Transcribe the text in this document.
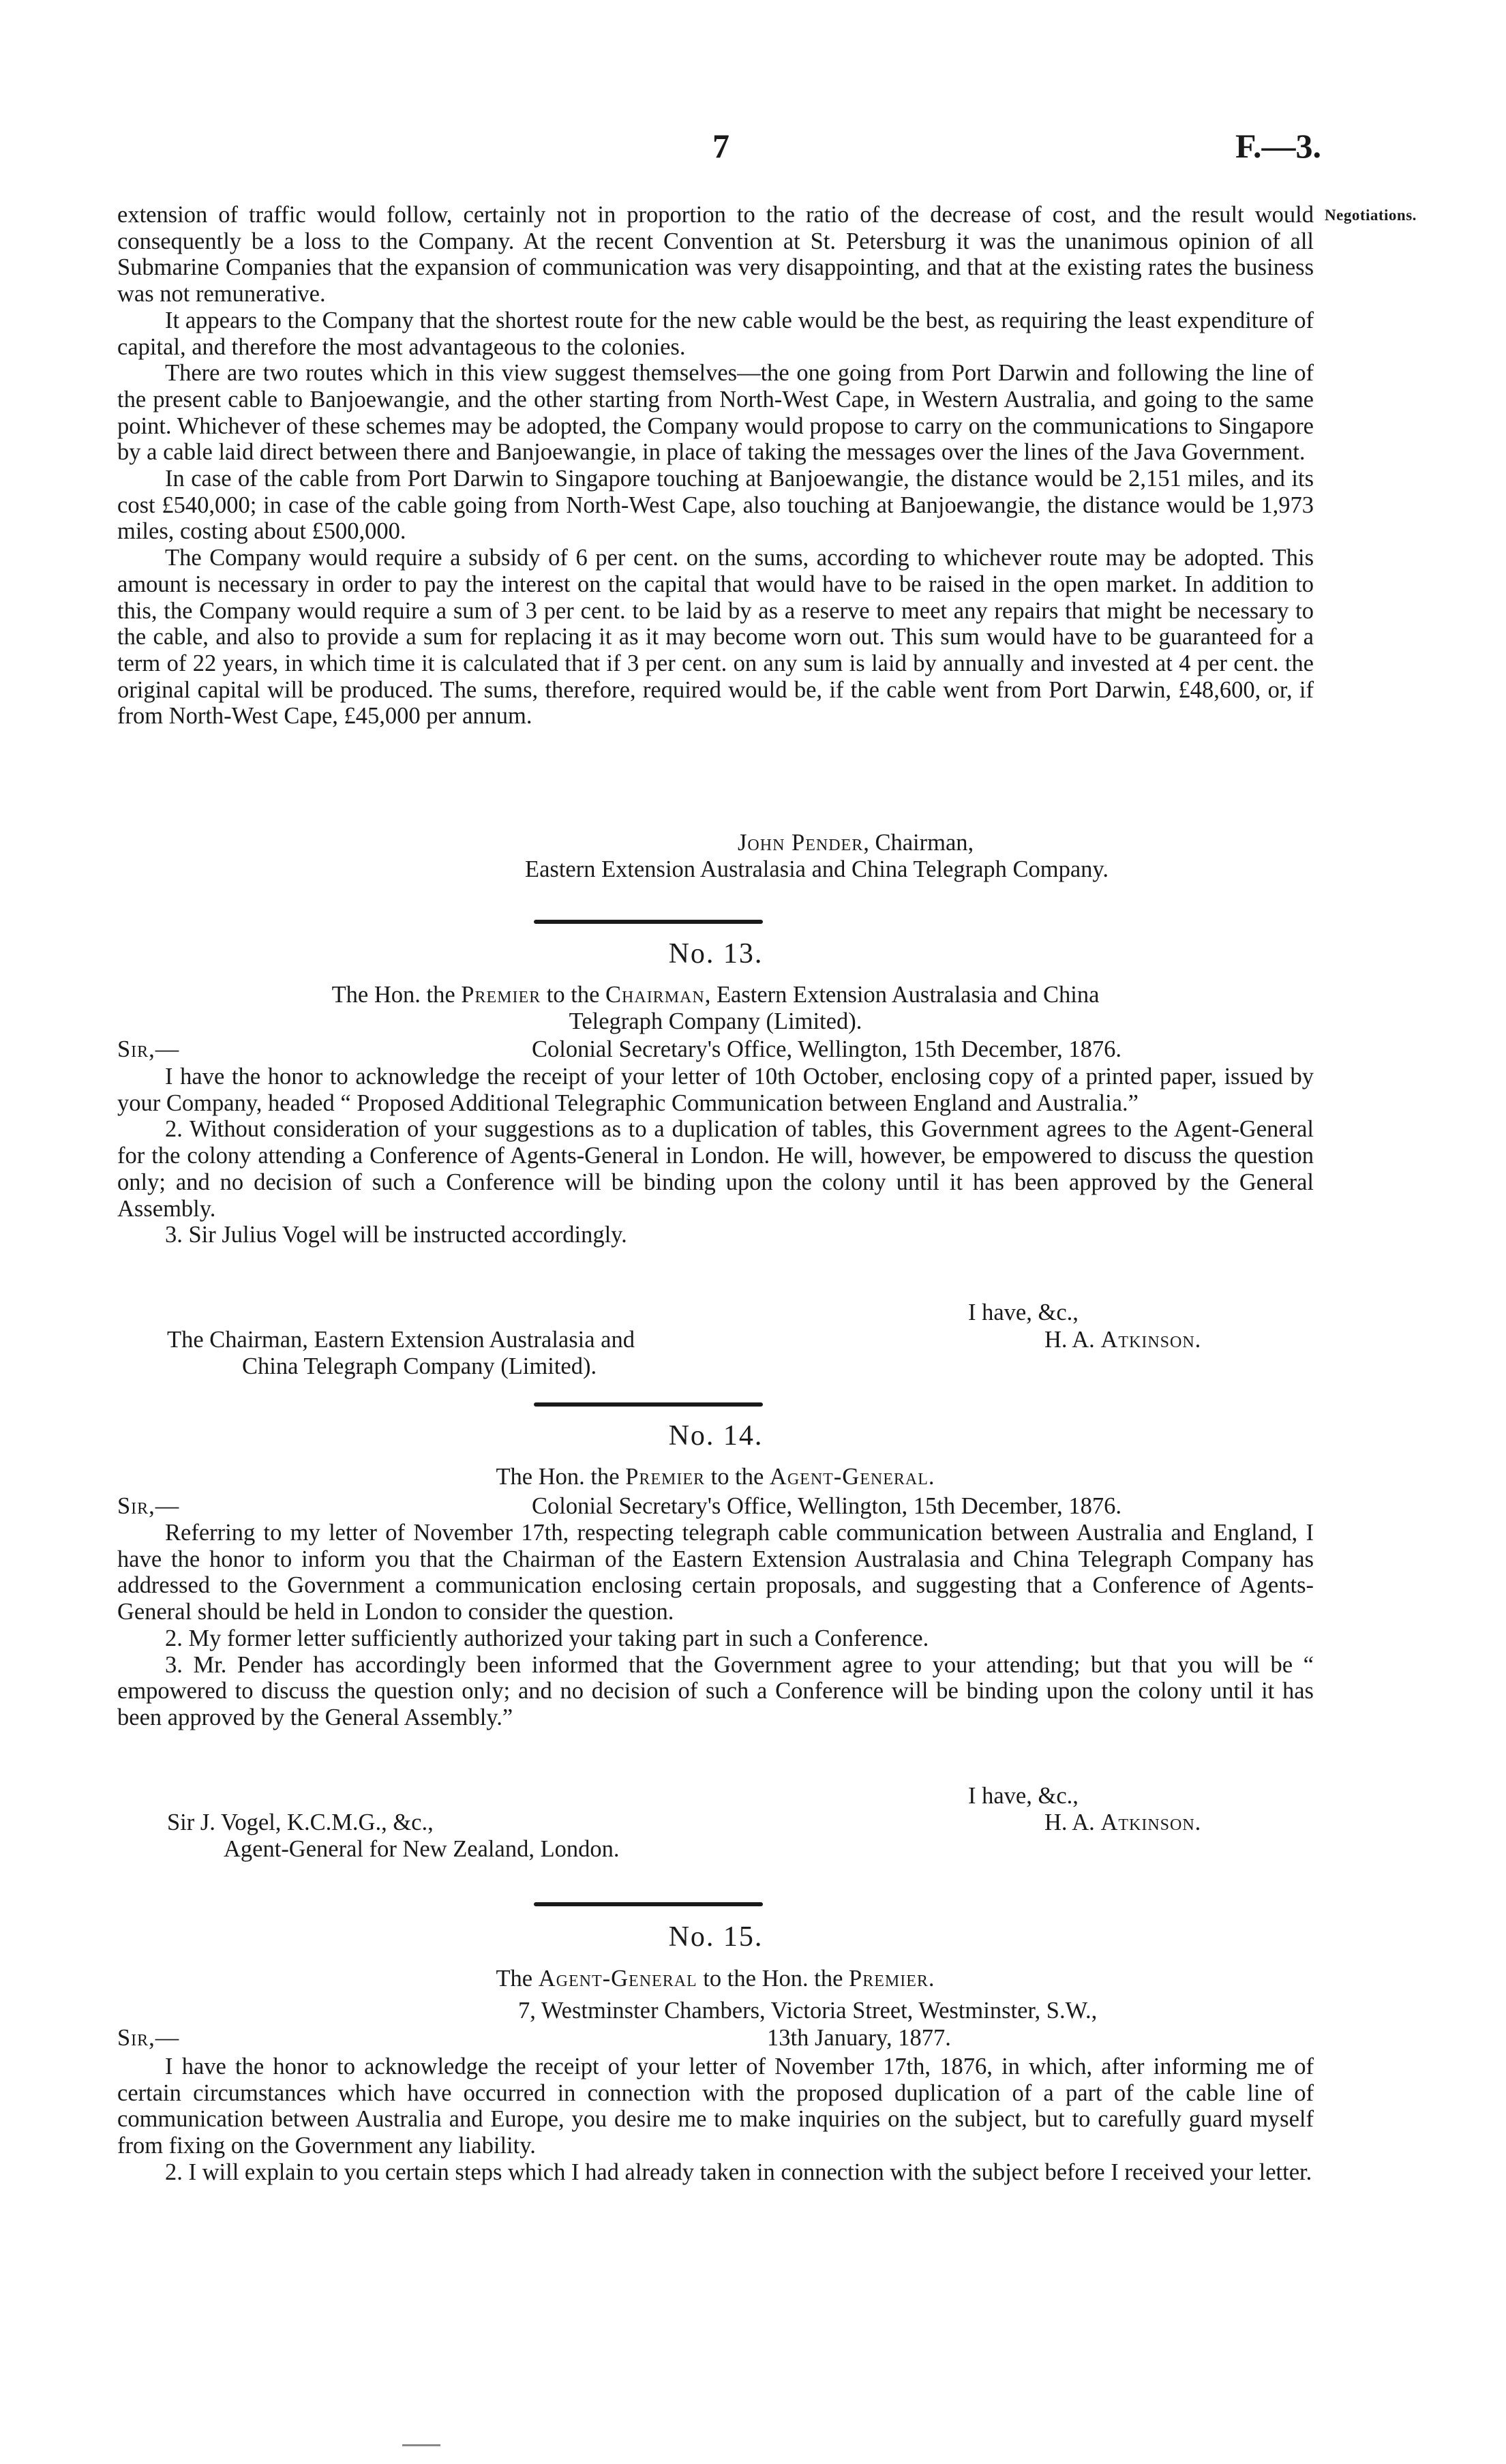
7	F.—3.
Negotiations.

extension of traffic would follow, certainly not in proportion to the ratio of the decrease of cost, and the result would consequently be a loss to the Company. At the recent Convention at St. Petersburg it was the unanimous opinion of all Submarine Companies that the expansion of communication was very disappointing, and that at the existing rates the business was not remunerative.

It appears to the Company that the shortest route for the new cable would be the best, as requiring the least expenditure of capital, and therefore the most advantageous to the colonies.

There are two routes which in this view suggest themselves—the one going from Port Darwin and following the line of the present cable to Banjoewangie, and the other starting from North-West Cape, in Western Australia, and going to the same point. Whichever of these schemes may be adopted, the Company would propose to carry on the communications to Singapore by a cable laid direct between there and Banjoewangie, in place of taking the messages over the lines of the Java Government.

In case of the cable from Port Darwin to Singapore touching at Banjoewangie, the distance would be 2,151 miles, and its cost £540,000; in case of the cable going from North-West Cape, also touching at Banjoewangie, the distance would be 1,973 miles, costing about £500,000.

The Company would require a subsidy of 6 per cent. on the sums, according to whichever route may be adopted. This amount is necessary in order to pay the interest on the capital that would have to be raised in the open market. In addition to this, the Company would require a sum of 3 per cent. to be laid by as a reserve to meet any repairs that might be necessary to the cable, and also to provide a sum for replacing it as it may become worn out. This sum would have to be guaranteed for a term of 22 years, in which time it is calculated that if 3 per cent. on any sum is laid by annually and invested at 4 per cent. the original capital will be produced. The sums, therefore, required would be, if the cable went from Port Darwin, £48,600, or, if from North-West Cape, £45,000 per annum.

John Pender, Chairman,
Eastern Extension Australasia and China Telegraph Company.
No. 13.
The Hon. the Premier to the Chairman, Eastern Extension Australasia and China
Telegraph Company (Limited).
Sir,—	Colonial Secretary's Office, Wellington, 15th December, 1876.

I have the honor to acknowledge the receipt of your letter of 10th October, enclosing copy of a printed paper, issued by your Company, headed “ Proposed Additional Telegraphic Communication between England and Australia.”

2. Without consideration of your suggestions as to a duplication of tables, this Government agrees to the Agent-General for the colony attending a Conference of Agents-General in London. He will, however, be empowered to discuss the question only; and no decision of such a Conference will be binding upon the colony until it has been approved by the General Assembly.

3. Sir Julius Vogel will be instructed accordingly.

I have, &c.,
H. A. Atkinson.
The Chairman, Eastern Extension Australasia and
China Telegraph Company (Limited).
No. 14.
The Hon. the Premier to the Agent-General.
Sir,—	Colonial Secretary's Office, Wellington, 15th December, 1876.

Referring to my letter of November 17th, respecting telegraph cable communication between Australia and England, I have the honor to inform you that the Chairman of the Eastern Extension Australasia and China Telegraph Company has addressed to the Government a communication enclosing certain proposals, and suggesting that a Conference of Agents-General should be held in London to consider the question.

2. My former letter sufficiently authorized your taking part in such a Conference.

3. Mr. Pender has accordingly been informed that the Government agree to your attending; but that you will be “ empowered to discuss the question only; and no decision of such a Conference will be binding upon the colony until it has been approved by the General Assembly.”

I have, &c.,
H. A. Atkinson.
Sir J. Vogel, K.C.M.G., &c.,
Agent-General for New Zealand, London.
No. 15.
The Agent-General to the Hon. the Premier.
7, Westminster Chambers, Victoria Street, Westminster, S.W.,
Sir,—	13th January, 1877.

I have the honor to acknowledge the receipt of your letter of November 17th, 1876, in which, after informing me of certain circumstances which have occurred in connection with the proposed duplication of a part of the cable line of communication between Australia and Europe, you desire me to make inquiries on the subject, but to carefully guard myself from fixing on the Government any liability.

2. I will explain to you certain steps which I had already taken in connection with the subject before I received your letter.
